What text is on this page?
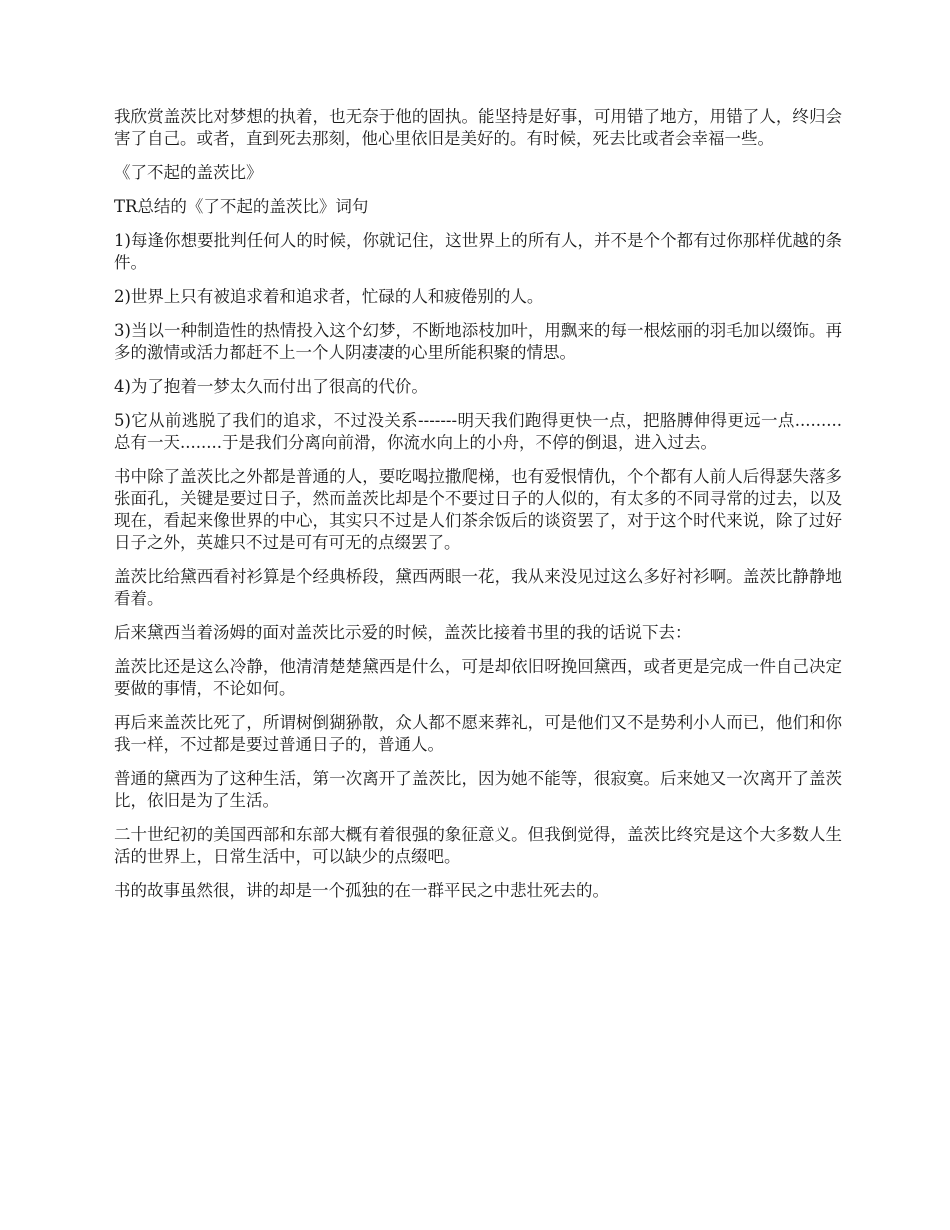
我欣赏盖茨比对梦想的执着，也无奈于他的固执。能坚持是好事，可用错了地方，用错了人，终归会害了自己。或者，直到死去那刻，他心里依旧是美好的。有时候，死去比或者会幸福一些。

《了不起的盖茨比》

TR总结的《了不起的盖茨比》词句

1)每逢你想要批判任何人的时候，你就记住，这世界上的所有人，并不是个个都有过你那样优越的条件。

2)世界上只有被追求着和追求者，忙碌的人和疲倦别的人。

3)当以一种制造性的热情投入这个幻梦，不断地添枝加叶，用飘来的每一根炫丽的羽毛加以缀饰。再多的激情或活力都赶不上一个人阴凄凄的心里所能积聚的情思。

4)为了抱着一梦太久而付出了很高的代价。

5)它从前逃脱了我们的追求，不过没关系-------明天我们跑得更快一点，把胳膊伸得更远一点.........总有一天........于是我们分离向前滑，你流水向上的小舟，不停的倒退，进入过去。

书中除了盖茨比之外都是普通的人，要吃喝拉撒爬梯，也有爱恨情仇，个个都有人前人后得瑟失落多张面孔，关键是要过日子，然而盖茨比却是个不要过日子的人似的，有太多的不同寻常的过去，以及现在，看起来像世界的中心，其实只不过是人们茶余饭后的谈资罢了，对于这个时代来说，除了过好日子之外，英雄只不过是可有可无的点缀罢了。

盖茨比给黛西看衬衫算是个经典桥段，黛西两眼一花，我从来没见过这么多好衬衫啊。盖茨比静静地看着。

后来黛西当着汤姆的面对盖茨比示爱的时候，盖茨比接着书里的我的话说下去：

盖茨比还是这么冷静，他清清楚楚黛西是什么，可是却依旧呀挽回黛西，或者更是完成一件自己决定要做的事情，不论如何。

再后来盖茨比死了，所谓树倒猢狲散，众人都不愿来葬礼，可是他们又不是势利小人而已，他们和你我一样，不过都是要过普通日子的，普通人。

普通的黛西为了这种生活，第一次离开了盖茨比，因为她不能等，很寂寞。后来她又一次离开了盖茨比，依旧是为了生活。

二十世纪初的美国西部和东部大概有着很强的象征意义。但我倒觉得，盖茨比终究是这个大多数人生活的世界上，日常生活中，可以缺少的点缀吧。

书的故事虽然很，讲的却是一个孤独的在一群平民之中悲壮死去的。
